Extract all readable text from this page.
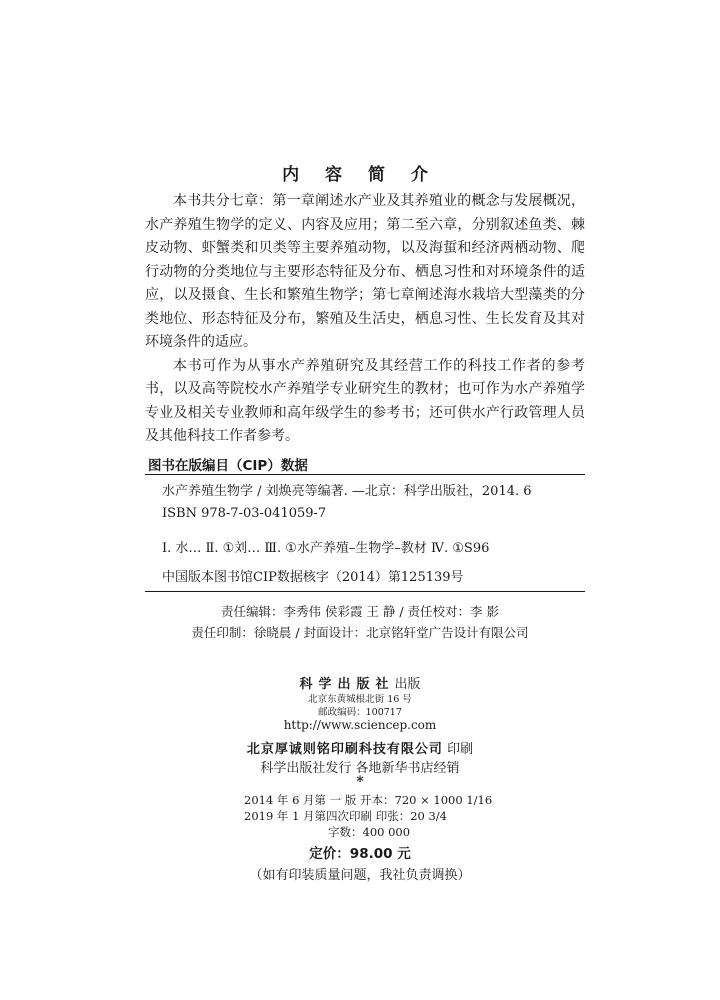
内 容 简 介

本书共分七章：第一章阐述水产业及其养殖业的概念与发展概况，水产养殖生物学的定义、内容及应用；第二至六章，分别叙述鱼类、棘皮动物、虾蟹类和贝类等主要养殖动物，以及海蜇和经济两栖动物、爬行动物的分类地位与主要形态特征及分布、栖息习性和对环境条件的适应，以及摄食、生长和繁殖生物学；第七章阐述海水栽培大型藻类的分类地位、形态特征及分布，繁殖及生活史，栖息习性、生长发育及其对环境条件的适应。

本书可作为从事水产养殖研究及其经营工作的科技工作者的参考书，以及高等院校水产养殖学专业研究生的教材；也可作为水产养殖学专业及相关专业教师和高年级学生的参考书；还可供水产行政管理人员及其他科技工作者参考。

图书在版编目（CIP）数据
水产养殖生物学 / 刘焕亮等编著. —北京：科学出版社，2014. 6
ISBN 978-7-03-041059-7
Ⅰ. 水… Ⅱ. ①刘… Ⅲ. ①水产养殖–生物学–教材 Ⅳ. ①S96
中国版本图书馆CIP数据核字（2014）第125139号
责任编辑：李秀伟 侯彩霞 王 静 / 责任校对：李 影
责任印制：徐晓晨 / 封面设计：北京铭轩堂广告设计有限公司
科学出版社出版
北京东黄城根北街 16 号
邮政编码：100717
http://www.sciencep.com
北京厚诚则铭印刷科技有限公司 印刷
科学出版社发行 各地新华书店经销
*
2014 年 6 月第 一 版 开本：720 × 1000 1/16
2019 年 1 月第四次印刷 印张：20 3/4
字数：400 000
定价：98.00 元
（如有印装质量问题，我社负责调换）
